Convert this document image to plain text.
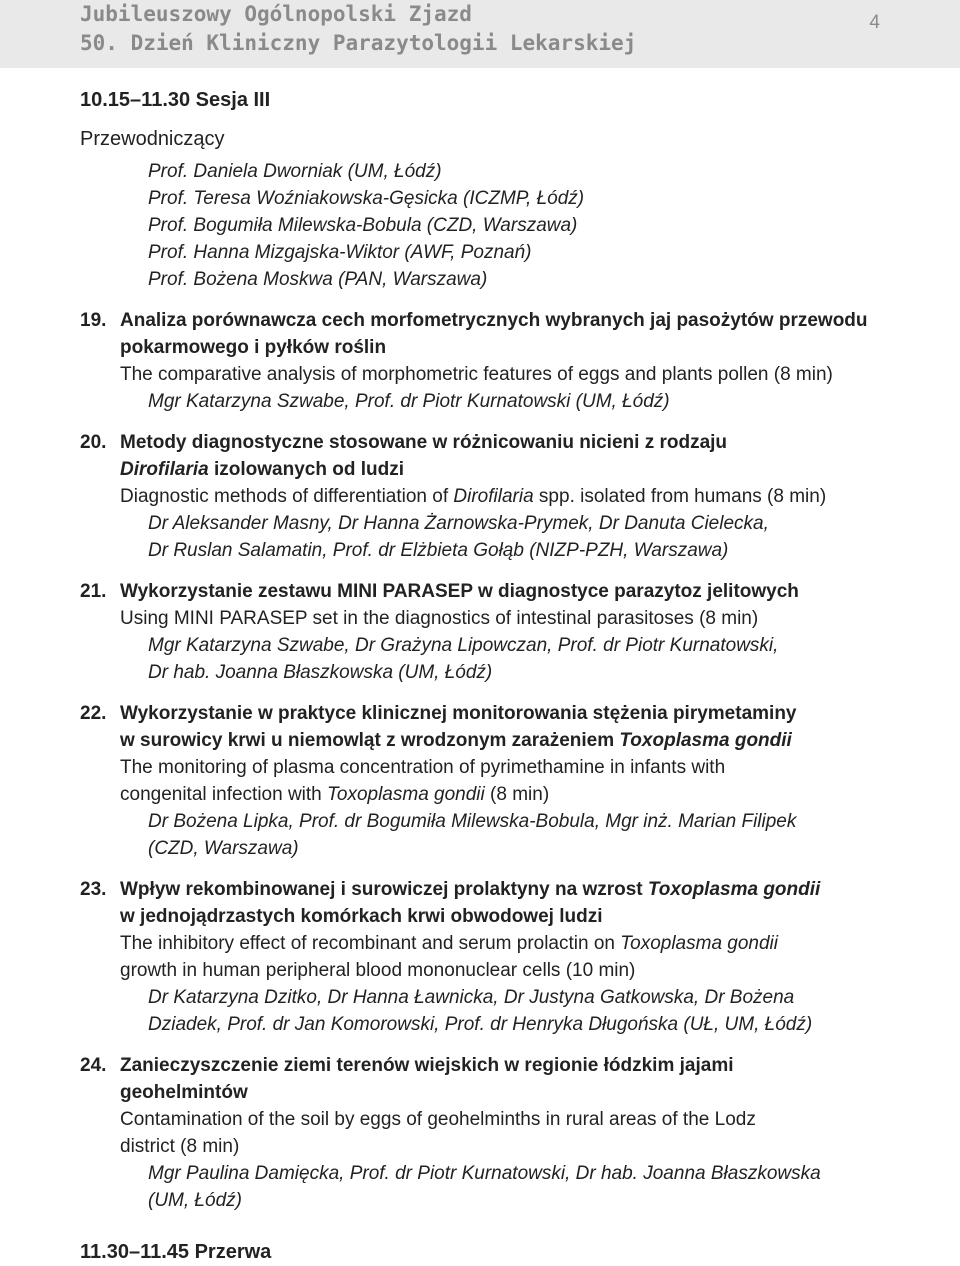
Jubileuszowy Ogólnopolski Zjazd
50. Dzień Kliniczny Parazytologii Lekarskiej
4
10.15–11.30 Sesja III
Przewodniczący
Prof. Daniela Dworniak (UM, Łódź)
Prof. Teresa Woźniakowska-Gęsicka (ICZMP, Łódź)
Prof. Bogumiła Milewska-Bobula (CZD, Warszawa)
Prof. Hanna Mizgajska-Wiktor (AWF, Poznań)
Prof. Bożena Moskwa (PAN, Warszawa)
19. Analiza porównawcza cech morfometrycznych wybranych jaj pasożytów przewodu pokarmowego i pyłków roślin
The comparative analysis of morphometric features of eggs and plants pollen (8 min)
Mgr Katarzyna Szwabe, Prof. dr Piotr Kurnatowski (UM, Łódź)
20. Metody diagnostyczne stosowane w różnicowaniu nicieni z rodzaju
Dirofilaria izolowanych od ludzi
Diagnostic methods of differentiation of Dirofilaria spp. isolated from humans (8 min)
Dr Aleksander Masny, Dr Hanna Żarnowska-Prymek, Dr Danuta Cielecka,
Dr Ruslan Salamatin, Prof. dr Elżbieta Gołąb (NIZP-PZH, Warszawa)
21. Wykorzystanie zestawu MINI PARASEP w diagnostyce parazytoz jelitowych
Using MINI PARASEP set in the diagnostics of intestinal parasitoses (8 min)
Mgr Katarzyna Szwabe, Dr Grażyna Lipowczan, Prof. dr Piotr Kurnatowski,
Dr hab. Joanna Błaszkowska (UM, Łódź)
22. Wykorzystanie w praktyce klinicznej monitorowania stężenia pirymetaminy
w surowicy krwi u niemowląt z wrodzonym zarażeniem Toxoplasma gondii
The monitoring of plasma concentration of pyrimethamine in infants with
congenital infection with Toxoplasma gondii (8 min)
Dr Bożena Lipka, Prof. dr Bogumiła Milewska-Bobula, Mgr inż. Marian Filipek
(CZD, Warszawa)
23. Wpływ rekombinowanej i surowiczej prolaktyny na wzrost Toxoplasma gondii
w jednojądrzastych komórkach krwi obwodowej ludzi
The inhibitory effect of recombinant and serum prolactin on Toxoplasma gondii
growth in human peripheral blood mononuclear cells (10 min)
Dr Katarzyna Dzitko, Dr Hanna Ławnicka, Dr Justyna Gatkowska, Dr Bożena
Dziadek, Prof. dr Jan Komorowski, Prof. dr Henryka Długońska (UŁ, UM, Łódź)
24. Zanieczyszczenie ziemi terenów wiejskich w regionie łódzkim jajami
geohelmintów
Contamination of the soil by eggs of geohelminths in rural areas of the Lodz
district (8 min)
Mgr Paulina Damięcka, Prof. dr Piotr Kurnatowski, Dr hab. Joanna Błaszkowska
(UM, Łódź)
11.30–11.45 Przerwa
